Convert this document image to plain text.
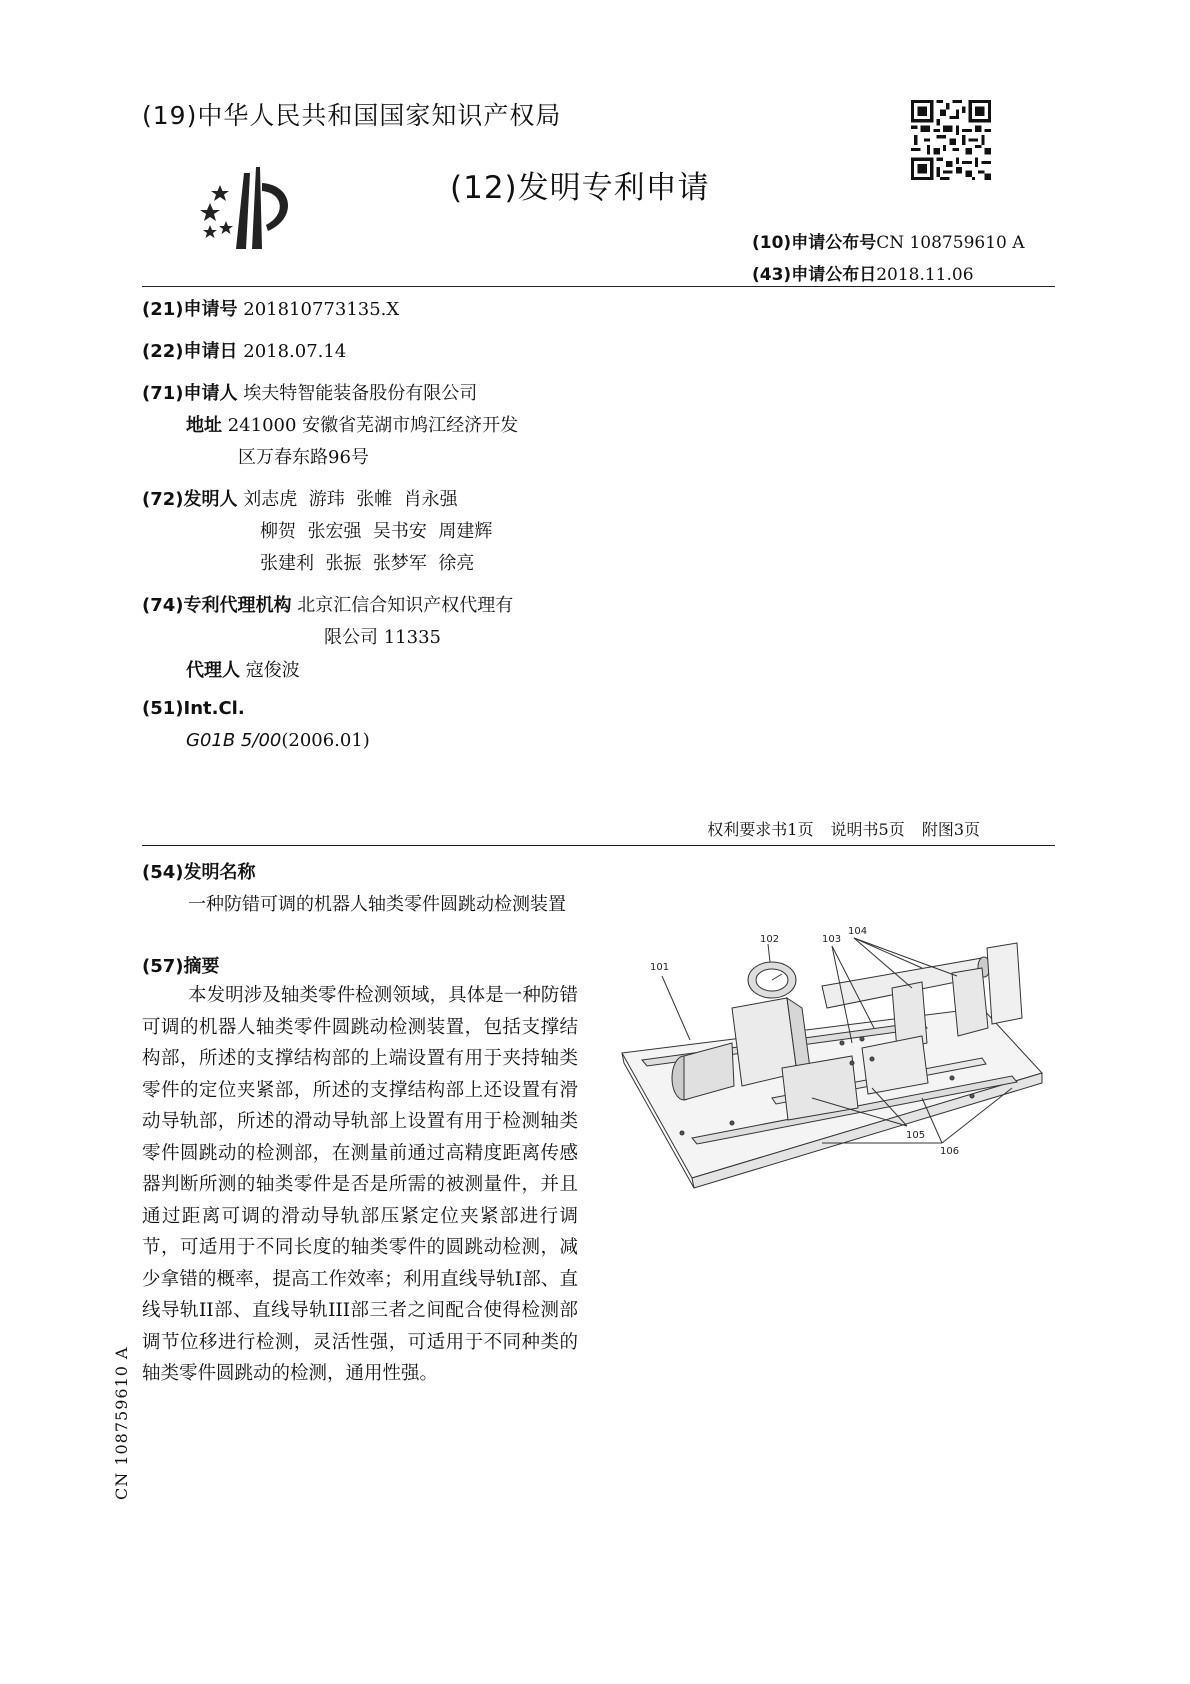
(19)中华人民共和国国家知识产权局
(12)发明专利申请
(10)申请公布号CN 108759610 A
(43)申请公布日2018.11.06
(21)申请号 201810773135.X
(22)申请日 2018.07.14
(71)申请人 埃夫特智能装备股份有限公司
地址 241000 安徽省芜湖市鸠江经济开发
区万春东路96号
(72)发明人 刘志虎  游玮  张帷  肖永强
柳贺  张宏强  吴书安  周建辉
张建利  张振  张梦军  徐亮
(74)专利代理机构 北京汇信合知识产权代理有
限公司 11335
代理人 寇俊波
(51)Int.Cl.
G01B 5/00(2006.01)
权利要求书1页 说明书5页 附图3页
(54)发明名称
一种防错可调的机器人轴类零件圆跳动检测装置
(57)摘要
本发明涉及轴类零件检测领域，具体是一种防错可调的机器人轴类零件圆跳动检测装置，包括支撑结构部，所述的支撑结构部的上端设置有用于夹持轴类零件的定位夹紧部，所述的支撑结构部上还设置有滑动导轨部，所述的滑动导轨部上设置有用于检测轴类零件圆跳动的检测部，在测量前通过高精度距离传感器判断所测的轴类零件是否是所需的被测量件，并且通过距离可调的滑动导轨部压紧定位夹紧部进行调节，可适用于不同长度的轴类零件的圆跳动检测，减少拿错的概率，提高工作效率；利用直线导轨I部、直线导轨II部、直线导轨III部三者之间配合使得检测部调节位移进行检测，灵活性强，可适用于不同种类的轴类零件圆跳动的检测，通用性强。
101
102	103
104
105
106
CN 108759610 A
